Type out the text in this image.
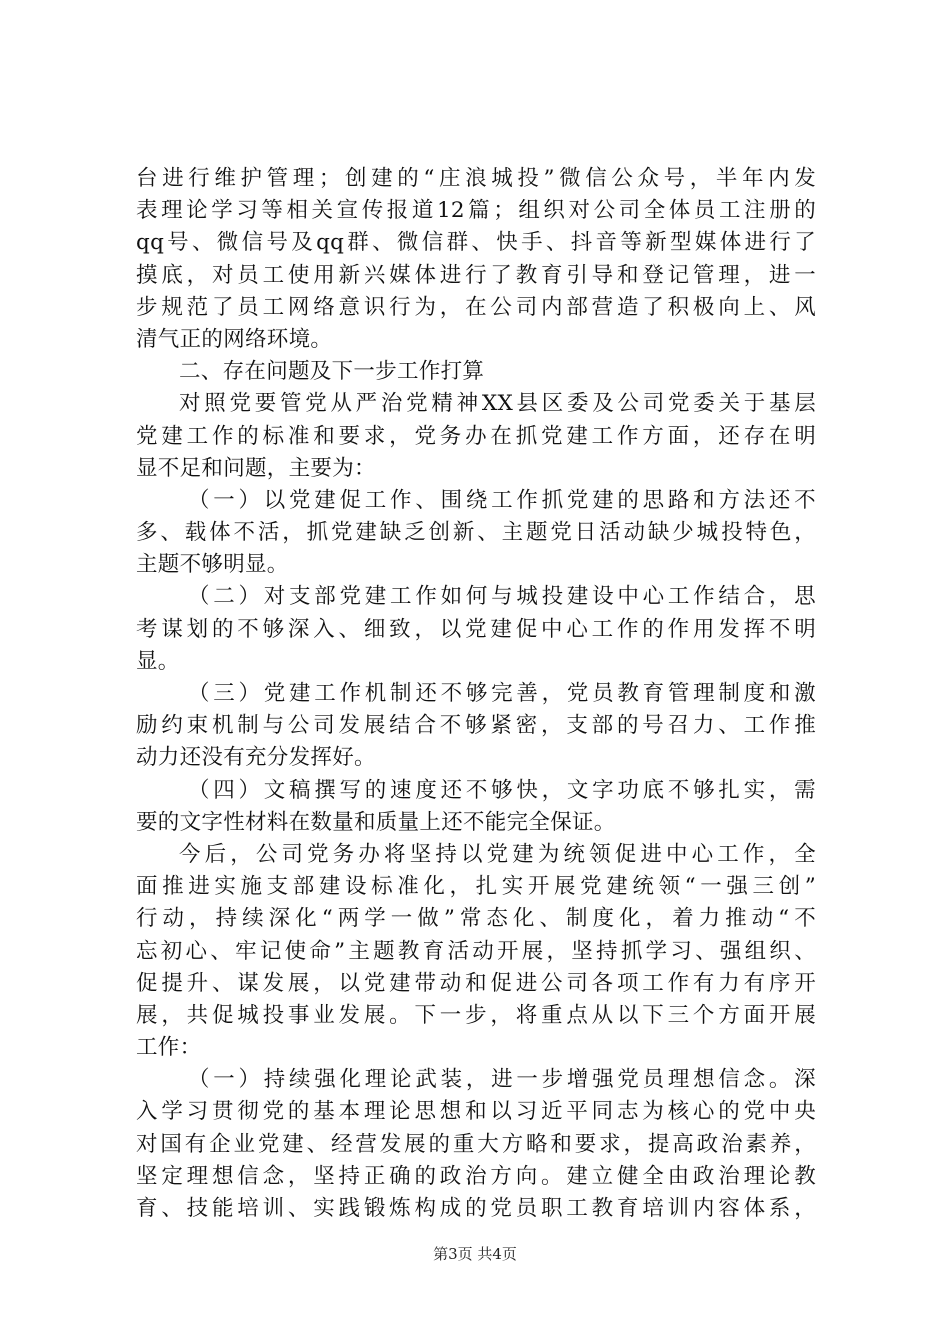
台进行维护管理；创建的“庄浪城投”微信公众号，半年内发
表理论学习等相关宣传报道12篇；组织对公司全体员工注册的
qq号、微信号及qq群、微信群、快手、抖音等新型媒体进行了
摸底，对员工使用新兴媒体进行了教育引导和登记管理，进一
步规范了员工网络意识行为，在公司内部营造了积极向上、风
清气正的网络环境。
二、存在问题及下一步工作打算
对照党要管党从严治党精神XX县区委及公司党委关于基层
党建工作的标准和要求，党务办在抓党建工作方面，还存在明
显不足和问题，主要为：
（一）以党建促工作、围绕工作抓党建的思路和方法还不
多、载体不活，抓党建缺乏创新、主题党日活动缺少城投特色，
主题不够明显。
（二）对支部党建工作如何与城投建设中心工作结合，思
考谋划的不够深入、细致，以党建促中心工作的作用发挥不明
显。
（三）党建工作机制还不够完善，党员教育管理制度和激
励约束机制与公司发展结合不够紧密，支部的号召力、工作推
动力还没有充分发挥好。
（四）文稿撰写的速度还不够快，文字功底不够扎实，需
要的文字性材料在数量和质量上还不能完全保证。
今后，公司党务办将坚持以党建为统领促进中心工作，全
面推进实施支部建设标准化，扎实开展党建统领“一强三创”
行动，持续深化“两学一做”常态化、制度化，着力推动“不
忘初心、牢记使命”主题教育活动开展，坚持抓学习、强组织、
促提升、谋发展，以党建带动和促进公司各项工作有力有序开
展，共促城投事业发展。下一步，将重点从以下三个方面开展
工作：
（一）持续强化理论武装，进一步增强党员理想信念。深
入学习贯彻党的基本理论思想和以习近平同志为核心的党中央
对国有企业党建、经营发展的重大方略和要求，提高政治素养，
坚定理想信念，坚持正确的政治方向。建立健全由政治理论教
育、技能培训、实践锻炼构成的党员职工教育培训内容体系，
第3页 共4页
